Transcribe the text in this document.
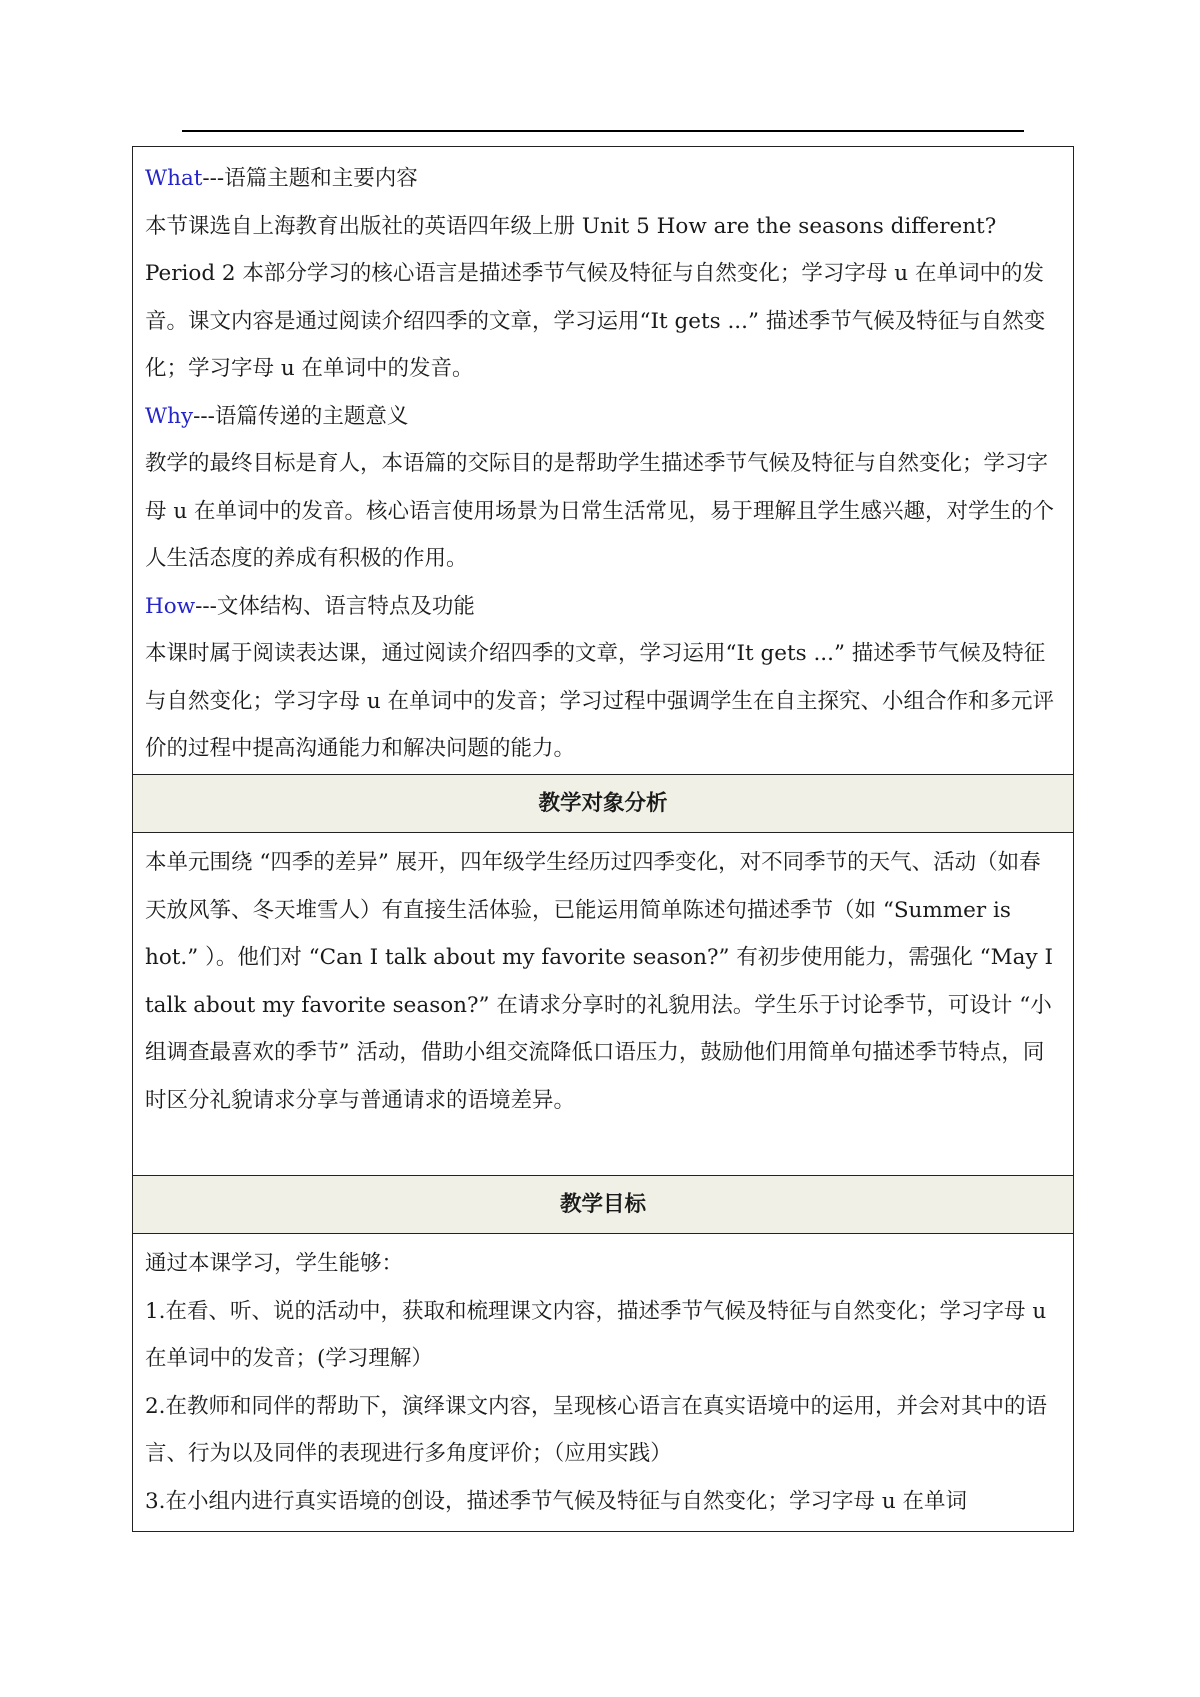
What---语篇主题和主要内容

本节课选自上海教育出版社的英语四年级上册 Unit 5 How are the seasons different? Period 2 本部分学习的核心语言是描述季节气候及特征与自然变化；学习字母 u 在单词中的发音。课文内容是通过阅读介绍四季的文章，学习运用“It gets ...” 描述季节气候及特征与自然变化；学习字母 u 在单词中的发音。

Why---语篇传递的主题意义

教学的最终目标是育人，本语篇的交际目的是帮助学生描述季节气候及特征与自然变化；学习字母 u 在单词中的发音。核心语言使用场景为日常生活常见，易于理解且学生感兴趣，对学生的个人生活态度的养成有积极的作用。

How---文体结构、语言特点及功能

本课时属于阅读表达课，通过阅读介绍四季的文章，学习运用“It gets ...” 描述季节气候及特征与自然变化；学习字母 u 在单词中的发音；学习过程中强调学生在自主探究、小组合作和多元评价的过程中提高沟通能力和解决问题的能力。

教学对象分析

本单元围绕 “四季的差异” 展开，四年级学生经历过四季变化，对不同季节的天气、活动（如春天放风筝、冬天堆雪人）有直接生活体验，已能运用简单陈述句描述季节（如 “Summer is hot.” ）。他们对 “Can I talk about my favorite season?” 有初步使用能力，需强化 “May I talk about my favorite season?” 在请求分享时的礼貌用法。学生乐于讨论季节，可设计 “小组调查最喜欢的季节” 活动，借助小组交流降低口语压力，鼓励他们用简单句描述季节特点，同时区分礼貌请求分享与普通请求的语境差异。

教学目标

通过本课学习，学生能够：

1.在看、听、说的活动中，获取和梳理课文内容，描述季节气候及特征与自然变化；学习字母 u 在单词中的发音；(学习理解）

2.在教师和同伴的帮助下，演绎课文内容，呈现核心语言在真实语境中的运用，并会对其中的语言、行为以及同伴的表现进行多角度评价；（应用实践）

3.在小组内进行真实语境的创设，描述季节气候及特征与自然变化；学习字母 u 在单词
